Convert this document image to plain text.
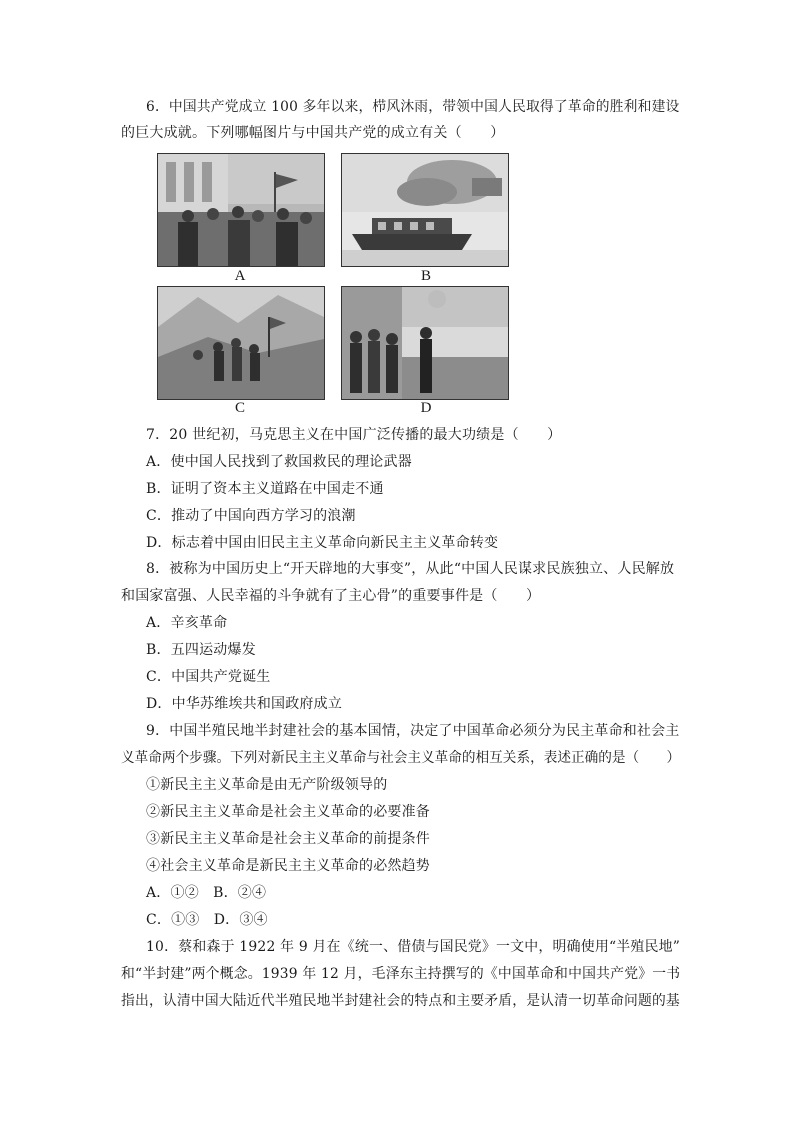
6．中国共产党成立 100 多年以来，栉风沐雨，带领中国人民取得了革命的胜利和建设
的巨大成就。下列哪幅图片与中国共产党的成立有关（　　）
A	B
C	D
7．20 世纪初，马克思主义在中国广泛传播的最大功绩是（　　）
A．使中国人民找到了救国救民的理论武器
B．证明了资本主义道路在中国走不通
C．推动了中国向西方学习的浪潮
D．标志着中国由旧民主主义革命向新民主主义革命转变
8．被称为中国历史上“开天辟地的大事变”，从此“中国人民谋求民族独立、人民解放
和国家富强、人民幸福的斗争就有了主心骨”的重要事件是（　　）
A．辛亥革命
B．五四运动爆发
C．中国共产党诞生
D．中华苏维埃共和国政府成立
9．中国半殖民地半封建社会的基本国情，决定了中国革命必须分为民主革命和社会主
义革命两个步骤。下列对新民主主义革命与社会主义革命的相互关系，表述正确的是（　　）
①新民主主义革命是由无产阶级领导的
②新民主主义革命是社会主义革命的必要准备
③新民主主义革命是社会主义革命的前提条件
④社会主义革命是新民主主义革命的必然趋势
A．①②　B．②④
C．①③　D．③④
10．蔡和森于 1922 年 9 月在《统一、借债与国民党》一文中，明确使用“半殖民地”
和“半封建”两个概念。1939 年 12 月，毛泽东主持撰写的《中国革命和中国共产党》一书
指出，认清中国大陆近代半殖民地半封建社会的特点和主要矛盾，是认清一切革命问题的基
